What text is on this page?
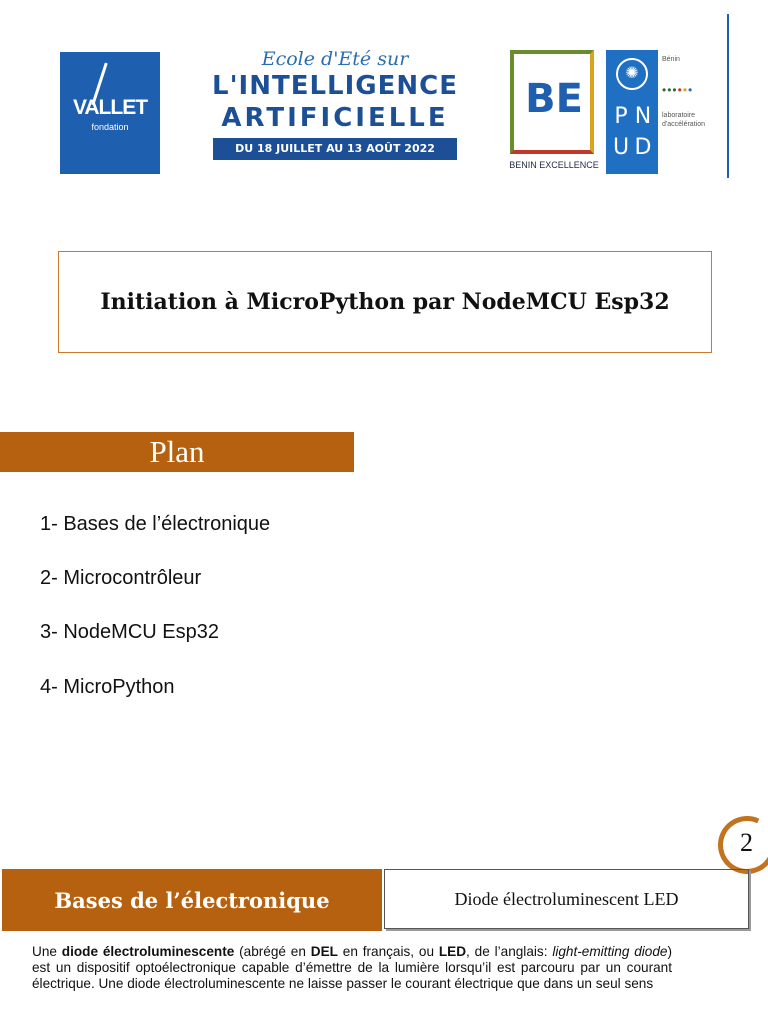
VALLET
fondation
Ecole d'Eté sur
L'INTELLIGENCE
ARTIFICIELLE
DU 18 JUILLET AU 13 AOÛT 2022
BE
BENIN EXCELLENCE
✺
P N
U D
Bénin
••••••
laboratoire d'accélération
Initiation à MicroPython par NodeMCU Esp32
Plan
1- Bases de l’électronique
2- Microcontrôleur
3- NodeMCU Esp32
4- MicroPython
2
Bases de l’électronique	Diode électroluminescent LED
Une diode électroluminescente (abrégé en DEL en français, ou LED, de l’anglais: light-emitting diode) est un dispositif optoélectronique capable d’émettre de la lumière lorsqu’il est parcouru par un courant électrique. Une diode électroluminescente ne laisse passer le courant électrique que dans un seul sens
